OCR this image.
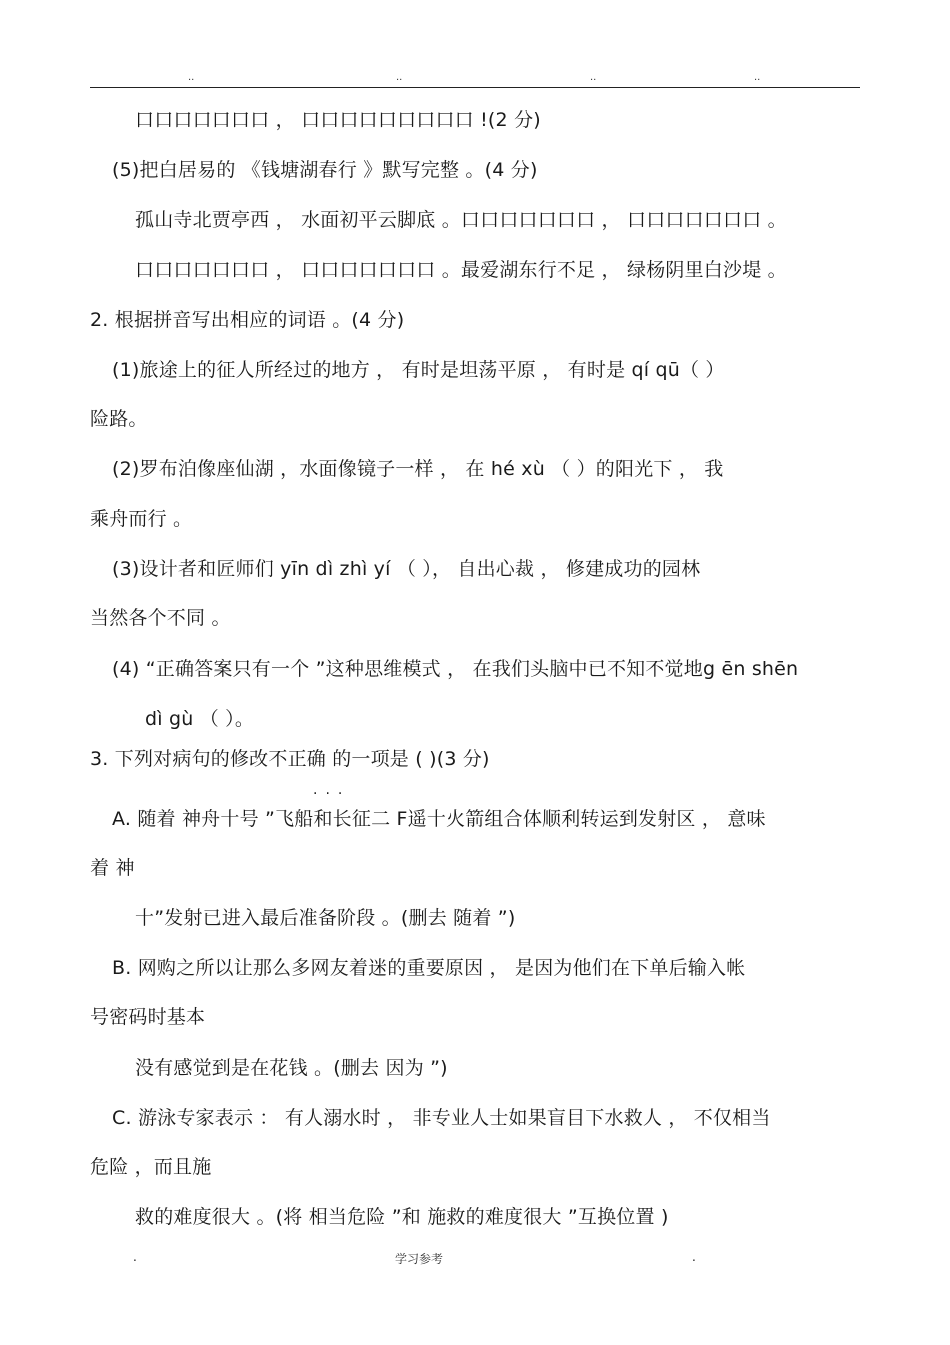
..	..	..	..
口口口口口口口 ， 口口口口口口口口口 !(2 分)
(5)把白居易的 《钱塘湖春行 》默写完整 。(4 分)
孤山寺北贾亭西 ， 水面初平云脚底 。口口口口口口口 ， 口口口口口口口 。
口口口口口口口 ， 口口口口口口口 。最爱湖东行不足 ， 绿杨阴里白沙堤 。
2. 根据拼音写出相应的词语 。(4 分)
(1)旅途上的征人所经过的地方 ， 有时是坦荡平原 ， 有时是 qí qū（ ）
险路。
(2)罗布泊像座仙湖 ，水面像镜子一样 ， 在 hé xù （ ）的阳光下 ， 我
乘舟而行 。
(3)设计者和匠师们 yīn dì zhì yí （ ）， 自出心裁 ， 修建成功的园林
当然各个不同 。
(4) “正确答案只有一个 ”这种思维模式 ， 在我们头脑中已不知不觉地g ēn shēn
dì gù （ ）。
3. 下列对病句的修改不正确 的一项是 ( )(3 分)
...
A. 随着 神舟十号 ”飞船和长征二 F遥十火箭组合体顺利转运到发射区 ， 意味
着 神
十”发射已进入最后准备阶段 。(删去 随着 ”)
B. 网购之所以让那么多网友着迷的重要原因 ， 是因为他们在下单后输入帐
号密码时基本
没有感觉到是在花钱 。(删去 因为 ”)
C. 游泳专家表示 ： 有人溺水时 ， 非专业人士如果盲目下水救人 ， 不仅相当
危险 ，而且施
救的难度很大 。(将 相当危险 ”和 施救的难度很大 ”互换位置 )
.	学习参考	.
